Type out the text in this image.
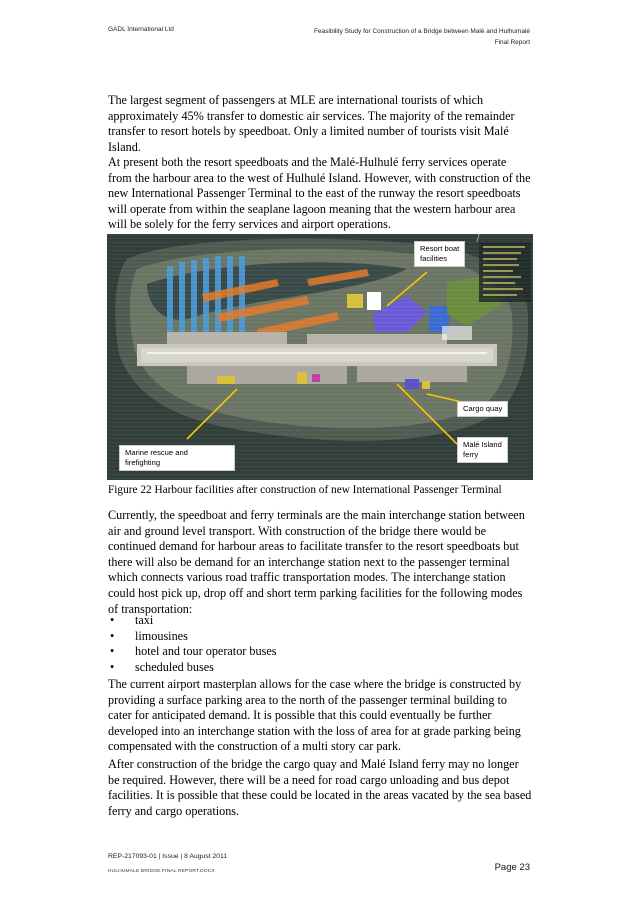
GADL International Ltd	Feasibility Study for Construction of a Bridge between Malé and Hulhumalé
Final Report

The largest segment of passengers at MLE are international tourists of which approximately 45% transfer to domestic air services. The majority of the remainder transfer to resort hotels by speedboat. Only a limited number of tourists visit Malé Island.

At present both the resort speedboats and the Malé-Hulhulé ferry services operate from the harbour area to the west of Hulhulé Island. However, with construction of the new International Passenger Terminal to the east of the runway the resort speedboats will operate from within the seaplane lagoon meaning that the western harbour area will be solely for the ferry services and airport operations.

Resort boat
facilities
Cargo quay
Malé Island
ferry
Marine rescue and
firefighting
Figure 22 Harbour facilities after construction of new International Passenger Terminal

Currently, the speedboat and ferry terminals are the main interchange station between air and ground level transport. With construction of the bridge there would be continued demand for harbour areas to facilitate transfer to the resort speedboats but there will also be demand for an interchange station next to the passenger terminal which connects various road traffic transportation modes. The interchange station could host pick up, drop off and short term parking facilities for the following modes of transportation:

• taxi
• limousines
• hotel and tour operator buses
• scheduled buses

The current airport masterplan allows for the case where the bridge is constructed by providing a surface parking area to the north of the passenger terminal building to cater for anticipated demand. It is possible that this could eventually be further developed into an interchange station with the loss of area for at grade parking being compensated with the construction of a multi story car park.

After construction of the bridge the cargo quay and Malé Island ferry may no longer be required. However, there will be a need for road cargo unloading and bus depot facilities. It is possible that these could be located in the areas vacated by the sea based ferry and cargo operations.

REP-217093-01 | Issue | 8 August 2011
HULHUMALE BRIDGE FINAL REPORT.DOCX	Page 23
